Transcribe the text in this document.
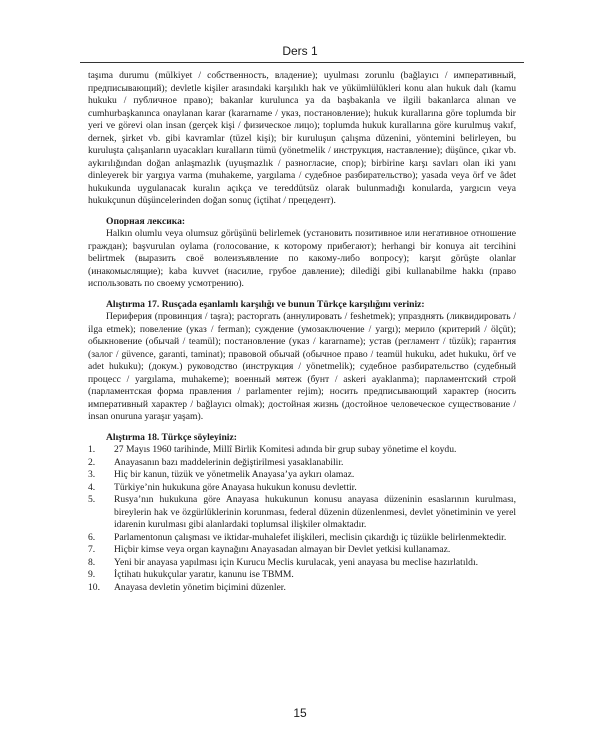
Ders 1

taşıma durumu (mülkiyet / собственность, владение); uyulması zorunlu (bağlayıcı / императивный, предписывающий); devletle kişiler arasındaki karşılıklı hak ve yükümlülükleri konu alan hukuk dalı (kamu hukuku / публичное право); bakanlar kurulunca ya da başbakanla ve ilgili bakanlarca alınan ve cumhurbaşkanınca onaylanan karar (kararname / указ, постановление); hukuk kurallarına göre toplumda bir yeri ve görevi olan insan (gerçek kişi / физическое лицо); toplumda hukuk kurallarına göre kurulmuş vakıf, dernek, şirket vb. gibi kavramlar (tüzel kişi); bir kuruluşun çalışma düzenini, yöntemini belirleyen, bu kuruluşta çalışanların uyacakları kuralların tümü (yönetmelik / инструкция, наставление); düşünce, çıkar vb. aykırılığından doğan anlaşmazlık (uyuşmazlık / разногласие, спор); birbirine karşı savları olan iki yanı dinleyerek bir yargıya varma (muhakeme, yargılama / судебное разбирательство); yasada veya örf ve âdet hukukunda uygulanacak kuralın açıkça ve tereddütsüz olarak bulunmadığı konularda, yargıcın veya hukukçunun düşüncelerinden doğan sonuç (içtihat / прецедент).

Опорная лексика:

Halkın olumlu veya olumsuz görüşünü belirlemek (установить позитивное или негативное отношение граждан); başvurulan oylama (голосование, к которому прибегают); herhangi bir konuya ait tercihini belirtmek (выразить своё волеизъявление по какому-либо вопросу); karşıt görüşte olanlar (инакомыслящие); kaba kuvvet (насилие, грубое давление); dilediği gibi kullanabilme hakkı (право использовать по своему усмотрению).

Alıştırma 17. Rusçada eşanlamlı karşılığı ve bunun Türkçe karşılığını veriniz:

Периферия (провинция / taşra); расторгать (аннулировать / feshetmek); упразднять (ликвидировать / ilga etmek); повеление (указ / ferman); суждение (умозаключение / yargı); мерило (критерий / ölçüt); обыкновение (обычай / teamül); постановление (указ / kararname); устав (регламент / tüzük); гарантия (залог / güvence, garanti, taminat); правовой обычай (обычное право / teamül hukuku, adet hukuku, örf ve adet hukuku); (докум.) руководство (инструкция / yönetmelik); судебное разбирательство (судебный процесс / yargılama, muhakeme); военный мятеж (бунт / askeri ayaklanma); парламентский строй (парламентская форма правления / parlamenter rejim); носить предписывающий характер (носить императивный характер / bağlayıcı olmak); достойная жизнь (достойное человеческое существование / insan onuruna yaraşır yaşam).

Alıştırma 18. Türkçe söyleyiniz:

1. 27 Mayıs 1960 tarihinde, Millî Birlik Komitesi adında bir grup subay yönetime el koydu.
2. Anayasanın bazı maddelerinin değiştirilmesi yasaklanabilir.
3. Hiç bir kanun, tüzük ve yönetmelik Anayasa’ya aykırı olamaz.
4. Türkiye’nin hukukuna göre Anayasa hukukun konusu devlettir.
5. Rusya’nın hukukuna göre Anayasa hukukunun konusu anayasa düzeninin esaslarının kurulması, bireylerin hak ve özgürlüklerinin korunması, federal düzenin düzenlenmesi, devlet yönetiminin ve yerel idarenin kurulması gibi alanlardaki toplumsal ilişkiler olmaktadır.
6. Parlamentonun çalışması ve iktidar-muhalefet ilişkileri, meclisin çıkardığı iç tüzükle belirlenmektedir.
7. Hiçbir kimse veya organ kaynağını Anayasadan almayan bir Devlet yetkisi kullanamaz.
8. Yeni bir anayasa yapılması için Kurucu Meclis kurulacak, yeni anayasa bu meclise hazırlatıldı.
9. İçtihatı hukukçular yaratır, kanunu ise TBMM.
10. Anayasa devletin yönetim biçimini düzenler.
15
